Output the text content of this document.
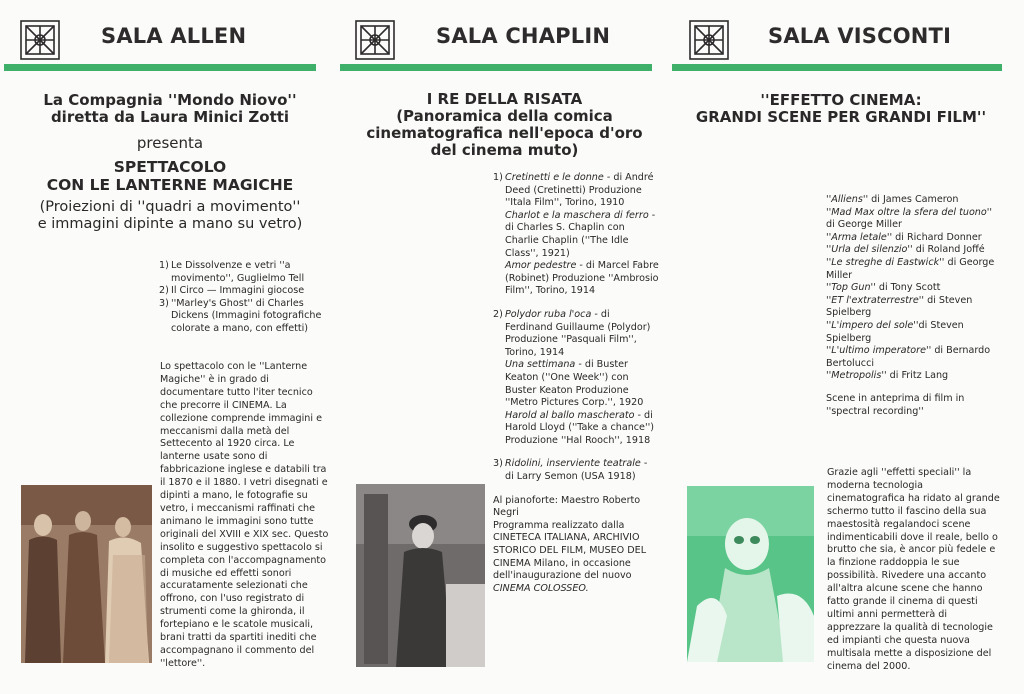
SALA ALLEN
La Compagnia ''Mondo Niovo''
diretta da Laura Minici Zotti
presenta
SPETTACOLO
CON LE LANTERNE MAGICHE
(Proiezioni di ''quadri a movimento''
e immagini dipinte a mano su vetro)
1) Le Dissolvenze e vetri ''a movimento'', Guglielmo Tell
2) Il Circo — Immagini giocose
3) ''Marley's Ghost'' di Charles Dickens (Immagini fotografiche colorate a mano, con effetti)
Lo spettacolo con le ''Lanterne Magiche'' è in grado di documentare tutto l'iter tecnico che precorre il CINEMA. La collezione comprende immagini e meccanismi dalla metà del Settecento al 1920 circa. Le lanterne usate sono di fabbricazione inglese e databili tra il 1870 e il 1880. I vetri disegnati e dipinti a mano, le fotografie su vetro, i meccanismi raffinati che animano le immagini sono tutte originali del XVIII e XIX sec. Questo insolito e suggestivo spettacolo si completa con l'accompagnamento di musiche ed effetti sonori accuratamente selezionati che offrono, con l'uso registrato di strumenti come la ghironda, il fortepiano e le scatole musicali, brani tratti da spartiti inediti che accompagnano il commento del ''lettore''.
SALA CHAPLIN
I RE DELLA RISATA
(Panoramica della comica
cinematografica nell'epoca d'oro
del cinema muto)
1) Cretinetti e le donne - di André Deed (Cretinetti) Produzione ''Itala Film'', Torino, 1910

Charlot e la maschera di ferro - di Charles S. Chaplin con Charlie Chaplin (''The Idle Class'', 1921)

Amor pedestre - di Marcel Fabre (Robinet) Produzione ''Ambrosio Film'', Torino, 1914

2) Polydor ruba l'oca - di Ferdinand Guillaume (Polydor) Produzione ''Pasquali Film'', Torino, 1914

Una settimana - di Buster Keaton (''One Week'') con Buster Keaton Produzione ''Metro Pictures Corp.'', 1920

Harold al ballo mascherato - di Harold Lloyd (''Take a chance'') Produzione ''Hal Rooch'', 1918

3) Ridolini, inserviente teatrale - di Larry Semon (USA 1918)

Al pianoforte: Maestro Roberto Negri

Programma realizzato dalla CINETECA ITALIANA, ARCHIVIO STORICO DEL FILM, MUSEO DEL CINEMA Milano, in occasione dell'inaugurazione del nuovo CINEMA COLOSSEO.

SALA VISCONTI
''EFFETTO CINEMA:
GRANDI SCENE PER GRANDI FILM''

''Alliens'' di James Cameron

''Mad Max oltre la sfera del tuono'' di George Miller

''Arma letale'' di Richard Donner

''Urla del silenzio'' di Roland Joffé

''Le streghe di Eastwick'' di George Miller

''Top Gun'' di Tony Scott

''ET l'extraterrestre'' di Steven Spielberg

''L'impero del sole''di Steven Spielberg

''L'ultimo imperatore'' di Bernardo Bertolucci

''Metropolis'' di Fritz Lang

Scene in anteprima di film in ''spectral recording''

Grazie agli ''effetti speciali'' la moderna tecnologia cinematografica ha ridato al grande schermo tutto il fascino della sua maestosità regalandoci scene indimenticabili dove il reale, bello o brutto che sia, è ancor più fedele e la finzione raddoppia le sue possibilità. Rivedere una accanto all'altra alcune scene che hanno fatto grande il cinema di questi ultimi anni permetterà di apprezzare la qualità di tecnologie ed impianti che questa nuova multisala mette a disposizione del cinema del 2000.
